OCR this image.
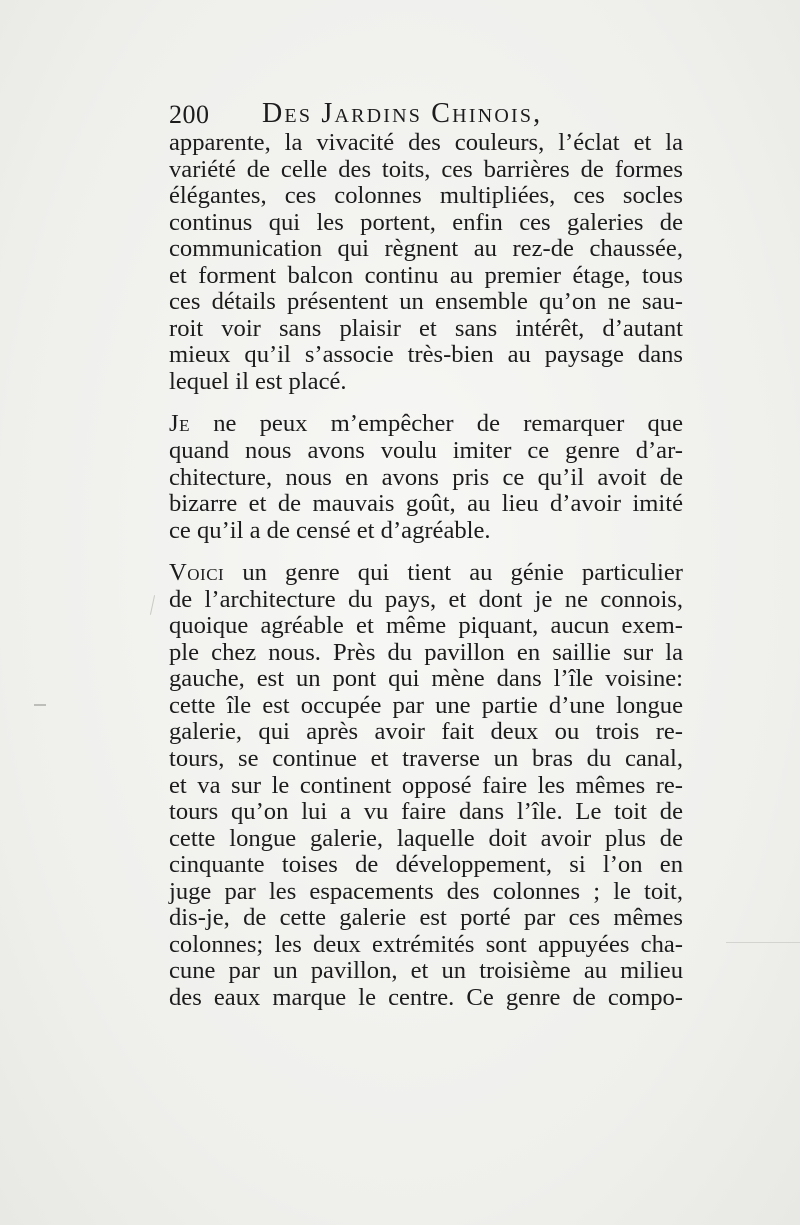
200 Des Jardins Chinois,
apparente, la vivacité des couleurs, l’éclat et la
variété de celle des toits, ces barrières de formes
élégantes, ces colonnes multipliées, ces socles
continus qui les portent, enfin ces galeries de
communication qui règnent au rez-de chaussée,
et forment balcon continu au premier étage, tous
ces détails présentent un ensemble qu’on ne sau-
roit voir sans plaisir et sans intérêt, d’autant
mieux qu’il s’associe très-bien au paysage dans
lequel il est placé.
Je ne peux m’empêcher de remarquer que
quand nous avons voulu imiter ce genre d’ar-
chitecture, nous en avons pris ce qu’il avoit de
bizarre et de mauvais goût, au lieu d’avoir imité
ce qu’il a de censé et d’agréable.
Voici un genre qui tient au génie particulier
de l’architecture du pays, et dont je ne connois,
quoique agréable et même piquant, aucun exem-
ple chez nous. Près du pavillon en saillie sur la
gauche, est un pont qui mène dans l’île voisine:
cette île est occupée par une partie d’une longue
galerie, qui après avoir fait deux ou trois re-
tours, se continue et traverse un bras du canal,
et va sur le continent opposé faire les mêmes re-
tours qu’on lui a vu faire dans l’île. Le toit de
cette longue galerie, laquelle doit avoir plus de
cinquante toises de développement, si l’on en
juge par les espacements des colonnes ; le toit,
dis-je, de cette galerie est porté par ces mêmes
colonnes; les deux extrémités sont appuyées cha-
cune par un pavillon, et un troisième au milieu
des eaux marque le centre. Ce genre de compo-
